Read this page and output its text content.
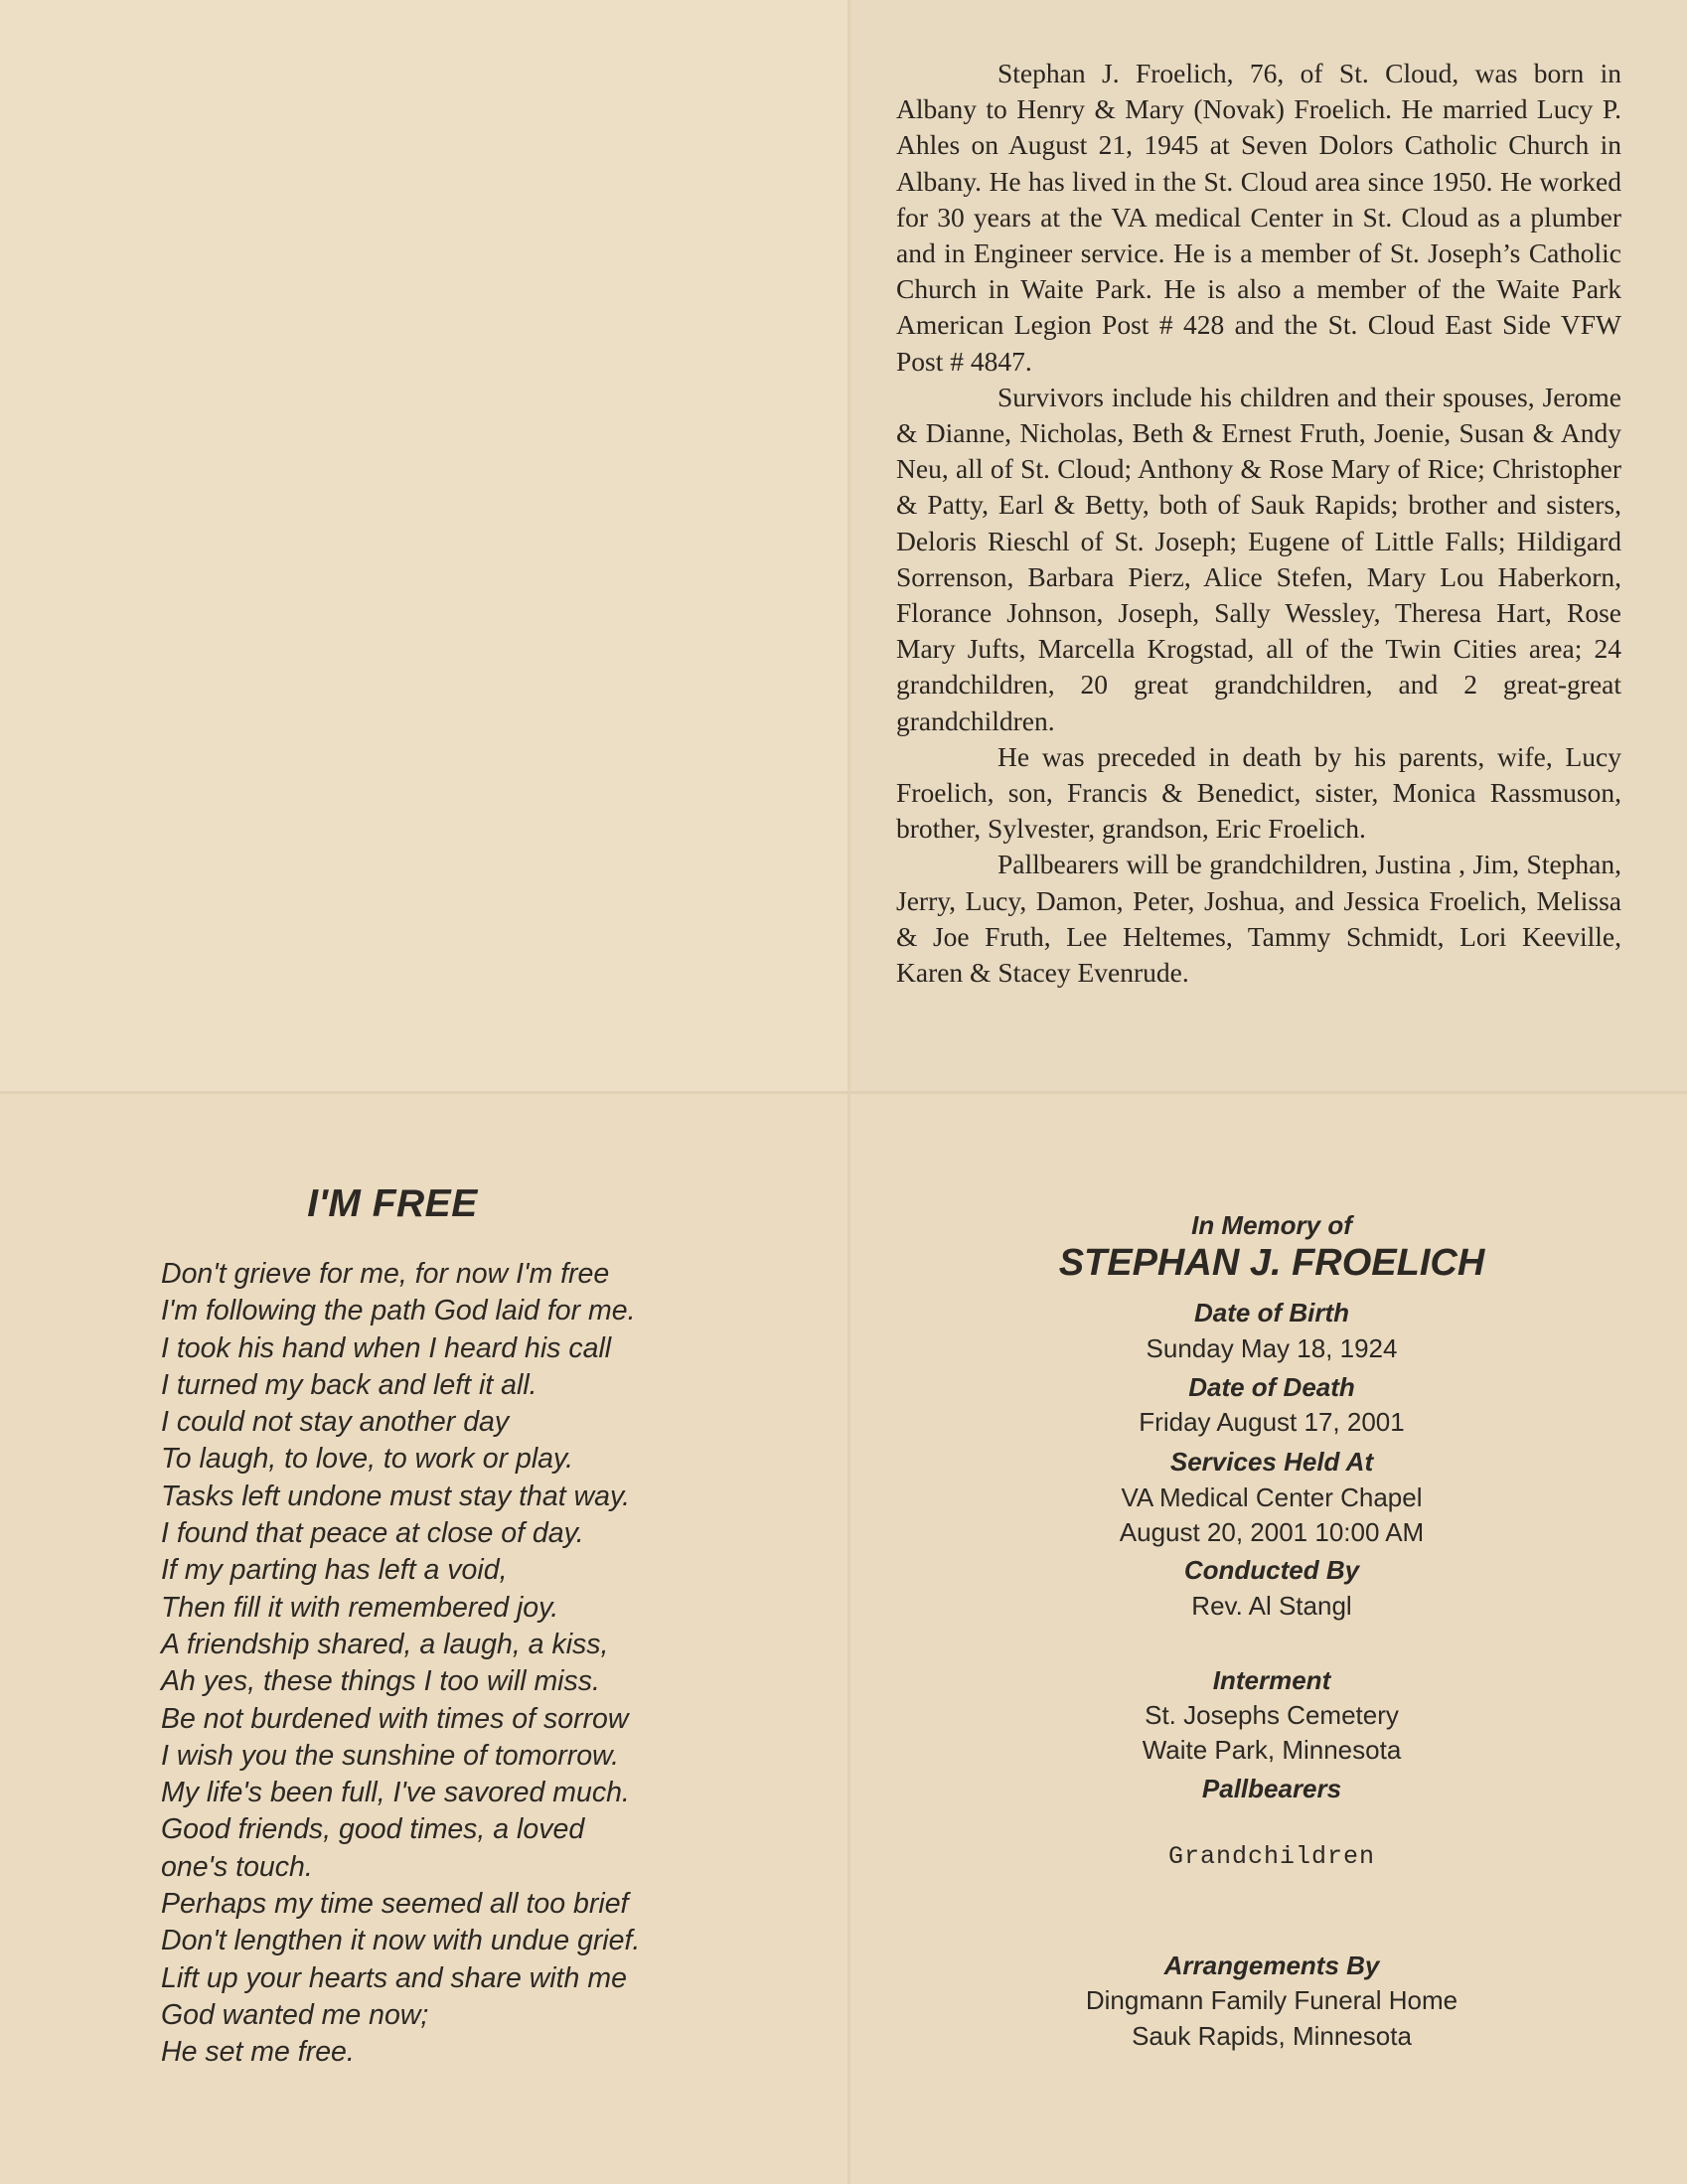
Stephan J. Froelich, 76, of St. Cloud, was born in Albany to Henry & Mary (Novak) Froelich. He married Lucy P. Ahles on August 21, 1945 at Seven Dolors Catholic Church in Albany. He has lived in the St. Cloud area since 1950. He worked for 30 years at the VA medical Center in St. Cloud as a plumber and in Engineer service. He is a member of St. Joseph’s Catholic Church in Waite Park. He is also a member of the Waite Park American Legion Post # 428 and the St. Cloud East Side VFW Post # 4847.

Survivors include his children and their spouses, Jerome & Dianne, Nicholas, Beth & Ernest Fruth, Joenie, Susan & Andy Neu, all of St. Cloud; Anthony & Rose Mary of Rice; Christopher & Patty, Earl & Betty, both of Sauk Rapids; brother and sisters, Deloris Rieschl of St. Joseph; Eugene of Little Falls; Hildigard Sorrenson, Barbara Pierz, Alice Stefen, Mary Lou Haberkorn, Florance Johnson, Joseph, Sally Wessley, Theresa Hart, Rose Mary Jufts, Marcella Krogstad, all of the Twin Cities area; 24 grandchildren, 20 great grandchildren, and 2 great-great grandchildren.

He was preceded in death by his parents, wife, Lucy Froelich, son, Francis & Benedict, sister, Monica Rassmuson, brother, Sylvester, grandson, Eric Froelich.

Pallbearers will be grandchildren, Justina , Jim, Stephan, Jerry, Lucy, Damon, Peter, Joshua, and Jessica Froelich, Melissa & Joe Fruth, Lee Heltemes, Tammy Schmidt, Lori Keeville, Karen & Stacey Evenrude.

I'M FREE
Don't grieve for me, for now I'm free
I'm following the path God laid for me.
I took his hand when I heard his call
I turned my back and left it all.
I could not stay another day
To laugh, to love, to work or play.
Tasks left undone must stay that way.
I found that peace at close of day.
If my parting has left a void,
Then fill it with remembered joy.
A friendship shared, a laugh, a kiss,
Ah yes, these things I too will miss.
Be not burdened with times of sorrow
I wish you the sunshine of tomorrow.
My life's been full, I've savored much.
Good friends, good times, a loved
one's touch.
Perhaps my time seemed all too brief
Don't lengthen it now with undue grief.
Lift up your hearts and share with me
God wanted me now;
He set me free.
In Memory of
STEPHAN J. FROELICH
Date of Birth
Sunday May 18, 1924
Date of Death
Friday August 17, 2001
Services Held At
VA Medical Center Chapel
August 20, 2001 10:00 AM
Conducted By
Rev. Al Stangl
Interment
St. Josephs Cemetery
Waite Park, Minnesota
Pallbearers
Grandchildren
Arrangements By
Dingmann Family Funeral Home
Sauk Rapids, Minnesota
